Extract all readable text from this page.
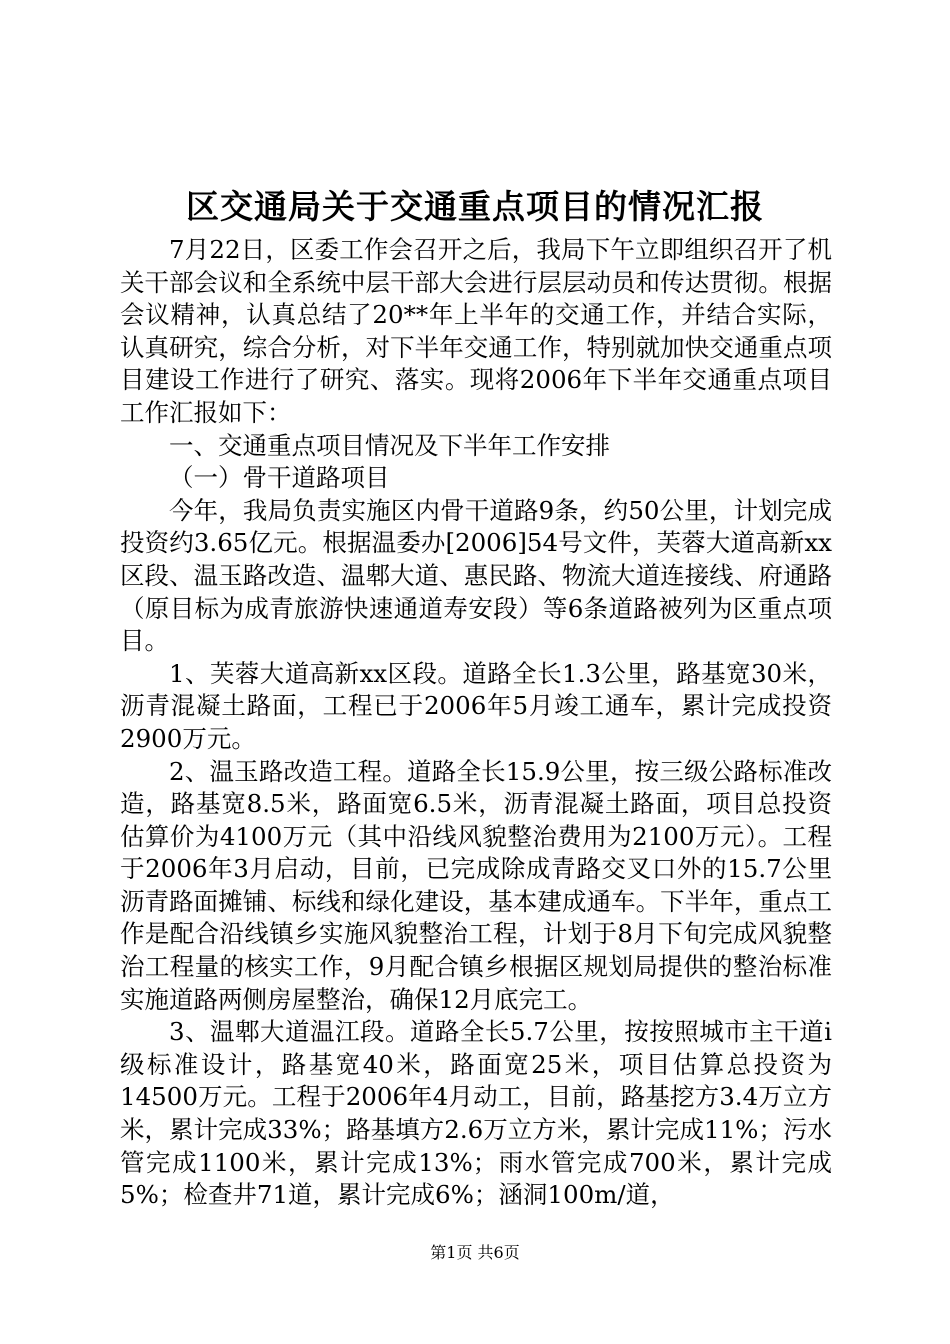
区交通局关于交通重点项目的情况汇报

7月22日，区委工作会召开之后，我局下午立即组织召开了机关干部会议和全系统中层干部大会进行层层动员和传达贯彻。根据会议精神，认真总结了20**年上半年的交通工作，并结合实际，认真研究，综合分析，对下半年交通工作，特别就加快交通重点项目建设工作进行了研究、落实。现将2006年下半年交通重点项目工作汇报如下：

一、交通重点项目情况及下半年工作安排

（一）骨干道路项目

今年，我局负责实施区内骨干道路9条，约50公里，计划完成投资约3.65亿元。根据温委办[2006]54号文件，芙蓉大道高新xx区段、温玉路改造、温郫大道、惠民路、物流大道连接线、府通路（原目标为成青旅游快速通道寿安段）等6条道路被列为区重点项目。

1、芙蓉大道高新xx区段。道路全长1.3公里，路基宽30米，沥青混凝土路面，工程已于2006年5月竣工通车，累计完成投资2900万元。

2、温玉路改造工程。道路全长15.9公里，按三级公路标准改造，路基宽8.5米，路面宽6.5米，沥青混凝土路面，项目总投资估算价为4100万元（其中沿线风貌整治费用为2100万元）。工程于2006年3月启动，目前，已完成除成青路交叉口外的15.7公里沥青路面摊铺、标线和绿化建设，基本建成通车。下半年，重点工作是配合沿线镇乡实施风貌整治工程，计划于8月下旬完成风貌整治工程量的核实工作，9月配合镇乡根据区规划局提供的整治标准实施道路两侧房屋整治，确保12月底完工。

3、温郫大道温江段。道路全长5.7公里，按按照城市主干道ⅰ级标准设计，路基宽40米，路面宽25米，项目估算总投资为14500万元。工程于2006年4月动工，目前，路基挖方3.4万立方米，累计完成33%；路基填方2.6万立方米，累计完成11%；污水管完成1100米，累计完成13%；雨水管完成700米，累计完成5%；检查井71道，累计完成6%；涵洞100m/道，

第1页 共6页
